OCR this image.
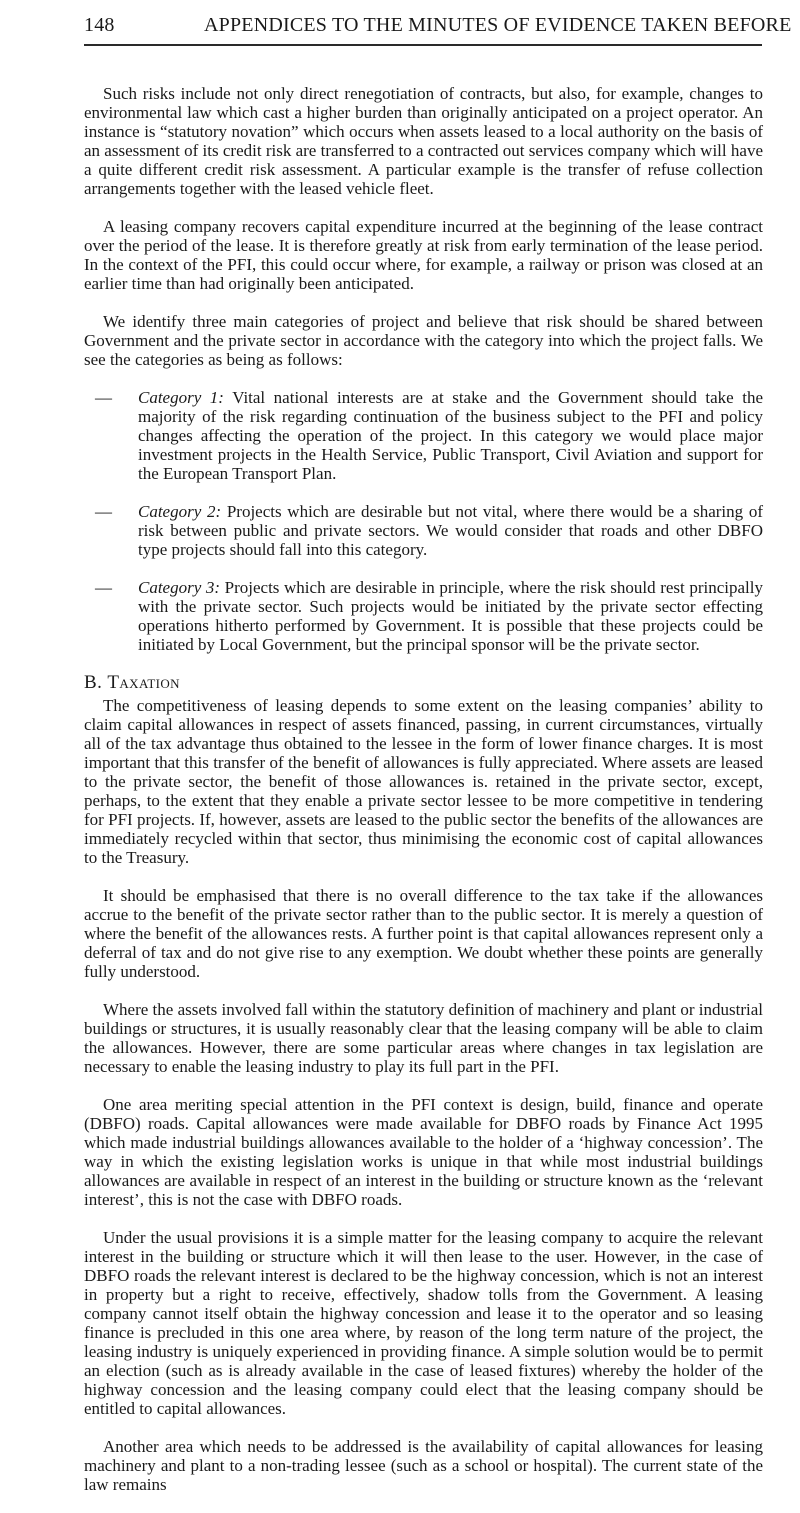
148	APPENDICES TO THE MINUTES OF EVIDENCE TAKEN BEFORE

Such risks include not only direct renegotiation of contracts, but also, for example, changes to environmental law which cast a higher burden than originally anticipated on a project operator. An instance is “statutory novation” which occurs when assets leased to a local authority on the basis of an assessment of its credit risk are transferred to a contracted out services company which will have a quite different credit risk assessment. A particular example is the transfer of refuse collection arrangements together with the leased vehicle fleet.

A leasing company recovers capital expenditure incurred at the beginning of the lease contract over the period of the lease. It is therefore greatly at risk from early termination of the lease period. In the context of the PFI, this could occur where, for example, a railway or prison was closed at an earlier time than had originally been anticipated.

We identify three main categories of project and believe that risk should be shared between Government and the private sector in accordance with the category into which the project falls. We see the categories as being as follows:

— Category 1: Vital national interests are at stake and the Government should take the majority of the risk regarding continuation of the business subject to the PFI and policy changes affecting the operation of the project. In this category we would place major investment projects in the Health Service, Public Transport, Civil Aviation and support for the European Transport Plan.
— Category 2: Projects which are desirable but not vital, where there would be a sharing of risk between public and private sectors. We would consider that roads and other DBFO type projects should fall into this category.
— Category 3: Projects which are desirable in principle, where the risk should rest principally with the private sector. Such projects would be initiated by the private sector effecting operations hitherto performed by Government. It is possible that these projects could be initiated by Local Government, but the principal sponsor will be the private sector.
B. Taxation

The competitiveness of leasing depends to some extent on the leasing companies’ ability to claim capital allowances in respect of assets financed, passing, in current circumstances, virtually all of the tax advantage thus obtained to the lessee in the form of lower finance charges. It is most important that this transfer of the benefit of allowances is fully appreciated. Where assets are leased to the private sector, the benefit of those allowances is. retained in the private sector, except, perhaps, to the extent that they enable a private sector lessee to be more competitive in tendering for PFI projects. If, however, assets are leased to the public sector the benefits of the allowances are immediately recycled within that sector, thus minimising the economic cost of capital allowances to the Treasury.

It should be emphasised that there is no overall difference to the tax take if the allowances accrue to the benefit of the private sector rather than to the public sector. It is merely a question of where the benefit of the allowances rests. A further point is that capital allowances represent only a deferral of tax and do not give rise to any exemption. We doubt whether these points are generally fully understood.

Where the assets involved fall within the statutory definition of machinery and plant or industrial buildings or structures, it is usually reasonably clear that the leasing company will be able to claim the allowances. However, there are some particular areas where changes in tax legislation are necessary to enable the leasing industry to play its full part in the PFI.

One area meriting special attention in the PFI context is design, build, finance and operate (DBFO) roads. Capital allowances were made available for DBFO roads by Finance Act 1995 which made industrial buildings allowances available to the holder of a ‘highway concession’. The way in which the existing legislation works is unique in that while most industrial buildings allowances are available in respect of an interest in the building or structure known as the ‘relevant interest’, this is not the case with DBFO roads.

Under the usual provisions it is a simple matter for the leasing company to acquire the relevant interest in the building or structure which it will then lease to the user. However, in the case of DBFO roads the relevant interest is declared to be the highway concession, which is not an interest in property but a right to receive, effectively, shadow tolls from the Government. A leasing company cannot itself obtain the highway concession and lease it to the operator and so leasing finance is precluded in this one area where, by reason of the long term nature of the project, the leasing industry is uniquely experienced in providing finance. A simple solution would be to permit an election (such as is already available in the case of leased fixtures) whereby the holder of the highway concession and the leasing company could elect that the leasing company should be entitled to capital allowances.

Another area which needs to be addressed is the availability of capital allowances for leasing machinery and plant to a non-trading lessee (such as a school or hospital). The current state of the law remains
